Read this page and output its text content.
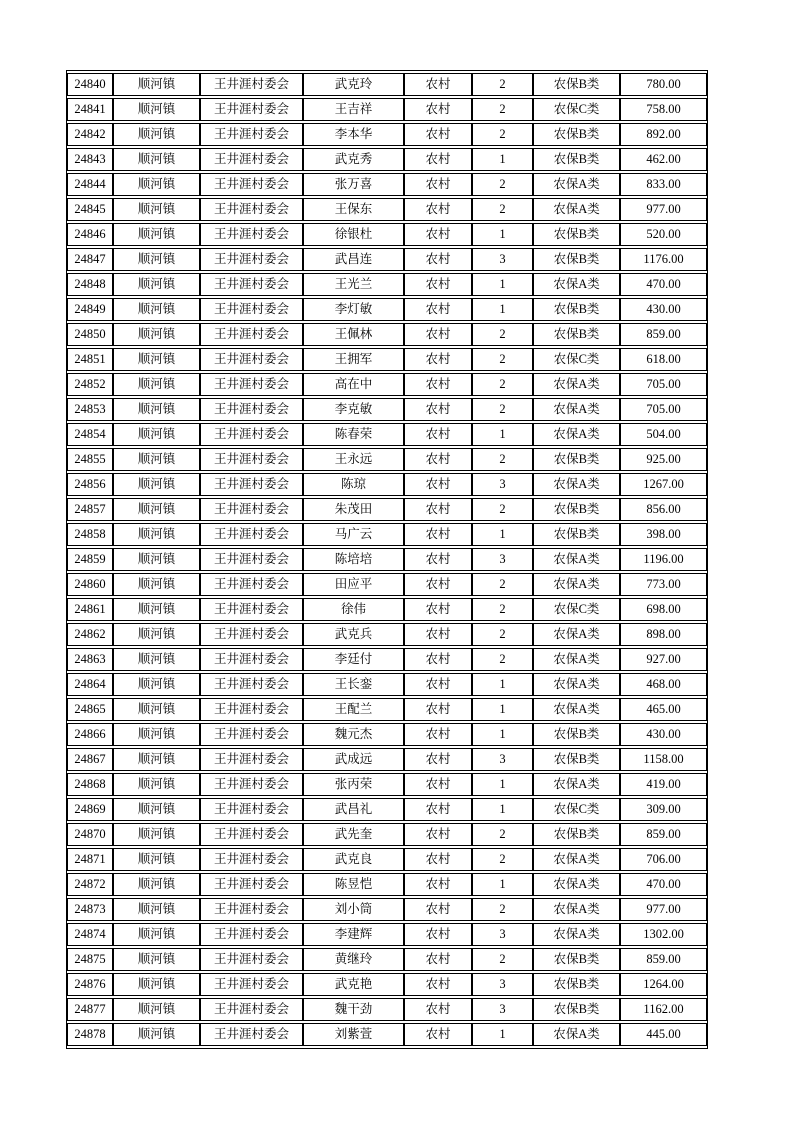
24840	顺河镇	王井涯村委会	武克玲	农村	2	农保B类	780.00
24841	顺河镇	王井涯村委会	王吉祥	农村	2	农保C类	758.00
24842	顺河镇	王井涯村委会	李本华	农村	2	农保B类	892.00
24843	顺河镇	王井涯村委会	武克秀	农村	1	农保B类	462.00
24844	顺河镇	王井涯村委会	张万喜	农村	2	农保A类	833.00
24845	顺河镇	王井涯村委会	王保东	农村	2	农保A类	977.00
24846	顺河镇	王井涯村委会	徐银杜	农村	1	农保B类	520.00
24847	顺河镇	王井涯村委会	武昌连	农村	3	农保B类	1176.00
24848	顺河镇	王井涯村委会	王光兰	农村	1	农保A类	470.00
24849	顺河镇	王井涯村委会	李灯敏	农村	1	农保B类	430.00
24850	顺河镇	王井涯村委会	王佩林	农村	2	农保B类	859.00
24851	顺河镇	王井涯村委会	王拥军	农村	2	农保C类	618.00
24852	顺河镇	王井涯村委会	高在中	农村	2	农保A类	705.00
24853	顺河镇	王井涯村委会	李克敏	农村	2	农保A类	705.00
24854	顺河镇	王井涯村委会	陈春荣	农村	1	农保A类	504.00
24855	顺河镇	王井涯村委会	王永远	农村	2	农保B类	925.00
24856	顺河镇	王井涯村委会	陈琼	农村	3	农保A类	1267.00
24857	顺河镇	王井涯村委会	朱茂田	农村	2	农保B类	856.00
24858	顺河镇	王井涯村委会	马广云	农村	1	农保B类	398.00
24859	顺河镇	王井涯村委会	陈培培	农村	3	农保A类	1196.00
24860	顺河镇	王井涯村委会	田应平	农村	2	农保A类	773.00
24861	顺河镇	王井涯村委会	徐伟	农村	2	农保C类	698.00
24862	顺河镇	王井涯村委会	武克兵	农村	2	农保A类	898.00
24863	顺河镇	王井涯村委会	李廷付	农村	2	农保A类	927.00
24864	顺河镇	王井涯村委会	王长銮	农村	1	农保A类	468.00
24865	顺河镇	王井涯村委会	王配兰	农村	1	农保A类	465.00
24866	顺河镇	王井涯村委会	魏元杰	农村	1	农保B类	430.00
24867	顺河镇	王井涯村委会	武成远	农村	3	农保B类	1158.00
24868	顺河镇	王井涯村委会	张丙荣	农村	1	农保A类	419.00
24869	顺河镇	王井涯村委会	武昌礼	农村	1	农保C类	309.00
24870	顺河镇	王井涯村委会	武先奎	农村	2	农保B类	859.00
24871	顺河镇	王井涯村委会	武克良	农村	2	农保A类	706.00
24872	顺河镇	王井涯村委会	陈昱恺	农村	1	农保A类	470.00
24873	顺河镇	王井涯村委会	刘小筒	农村	2	农保A类	977.00
24874	顺河镇	王井涯村委会	李建辉	农村	3	农保A类	1302.00
24875	顺河镇	王井涯村委会	黄继玲	农村	2	农保B类	859.00
24876	顺河镇	王井涯村委会	武克艳	农村	3	农保B类	1264.00
24877	顺河镇	王井涯村委会	魏干劲	农村	3	农保B类	1162.00
24878	顺河镇	王井涯村委会	刘紫萱	农村	1	农保A类	445.00
